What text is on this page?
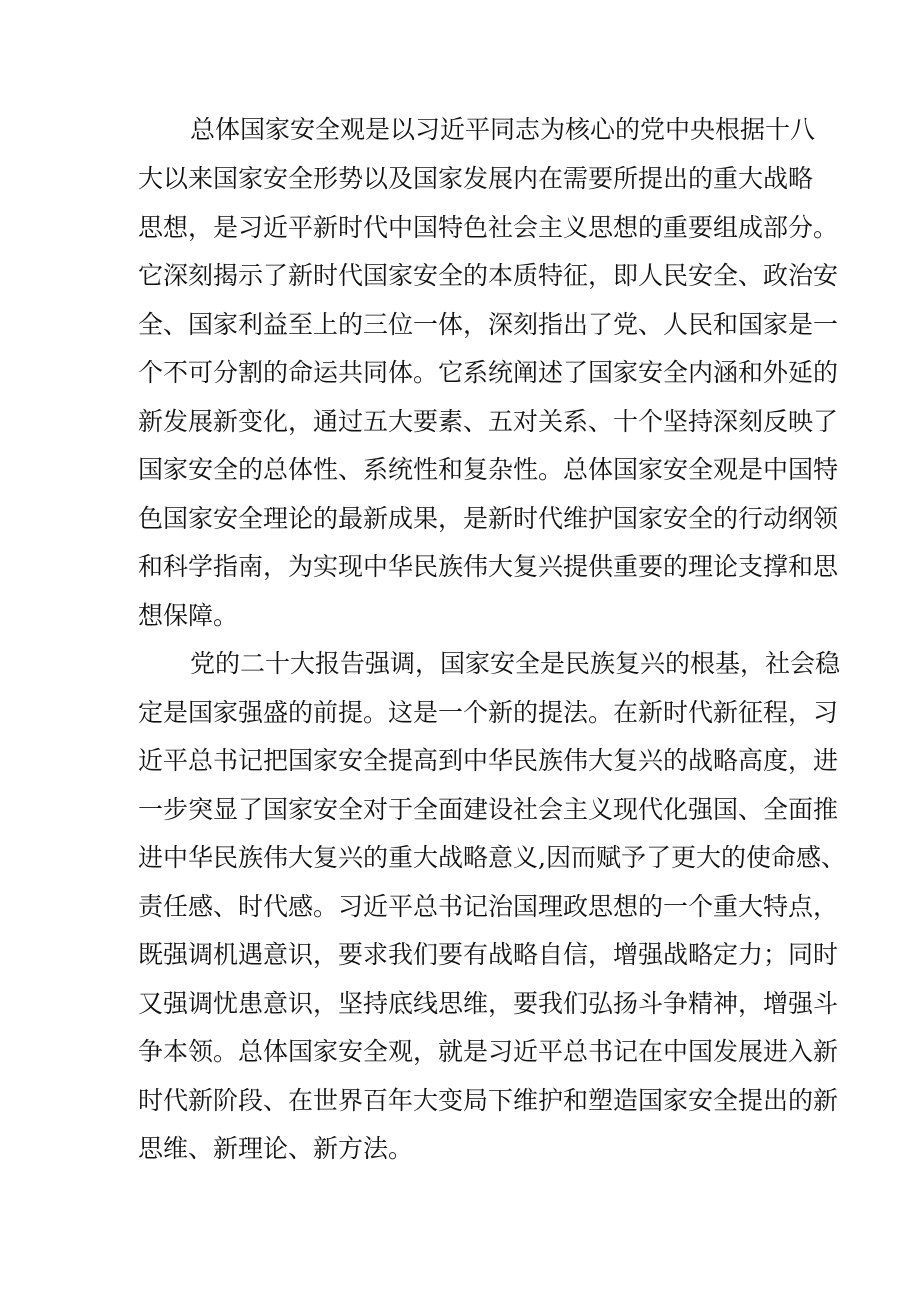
总体国家安全观是以习近平同志为核心的党中央根据十八
大以来国家安全形势以及国家发展内在需要所提出的重大战略
思想，是习近平新时代中国特色社会主义思想的重要组成部分。
它深刻揭示了新时代国家安全的本质特征，即人民安全、政治安
全、国家利益至上的三位一体，深刻指出了党、人民和国家是一
个不可分割的命运共同体。它系统阐述了国家安全内涵和外延的
新发展新变化，通过五大要素、五对关系、十个坚持深刻反映了
国家安全的总体性、系统性和复杂性。总体国家安全观是中国特
色国家安全理论的最新成果，是新时代维护国家安全的行动纲领
和科学指南，为实现中华民族伟大复兴提供重要的理论支撑和思
想保障。
党的二十大报告强调，国家安全是民族复兴的根基，社会稳
定是国家强盛的前提。这是一个新的提法。在新时代新征程，习
近平总书记把国家安全提高到中华民族伟大复兴的战略高度，进
一步突显了国家安全对于全面建设社会主义现代化强国、全面推
进中华民族伟大复兴的重大战略意义,因而赋予了更大的使命感、
责任感、时代感。习近平总书记治国理政思想的一个重大特点，
既强调机遇意识，要求我们要有战略自信，增强战略定力；同时
又强调忧患意识，坚持底线思维，要我们弘扬斗争精神，增强斗
争本领。总体国家安全观，就是习近平总书记在中国发展进入新
时代新阶段、在世界百年大变局下维护和塑造国家安全提出的新
思维、新理论、新方法。
